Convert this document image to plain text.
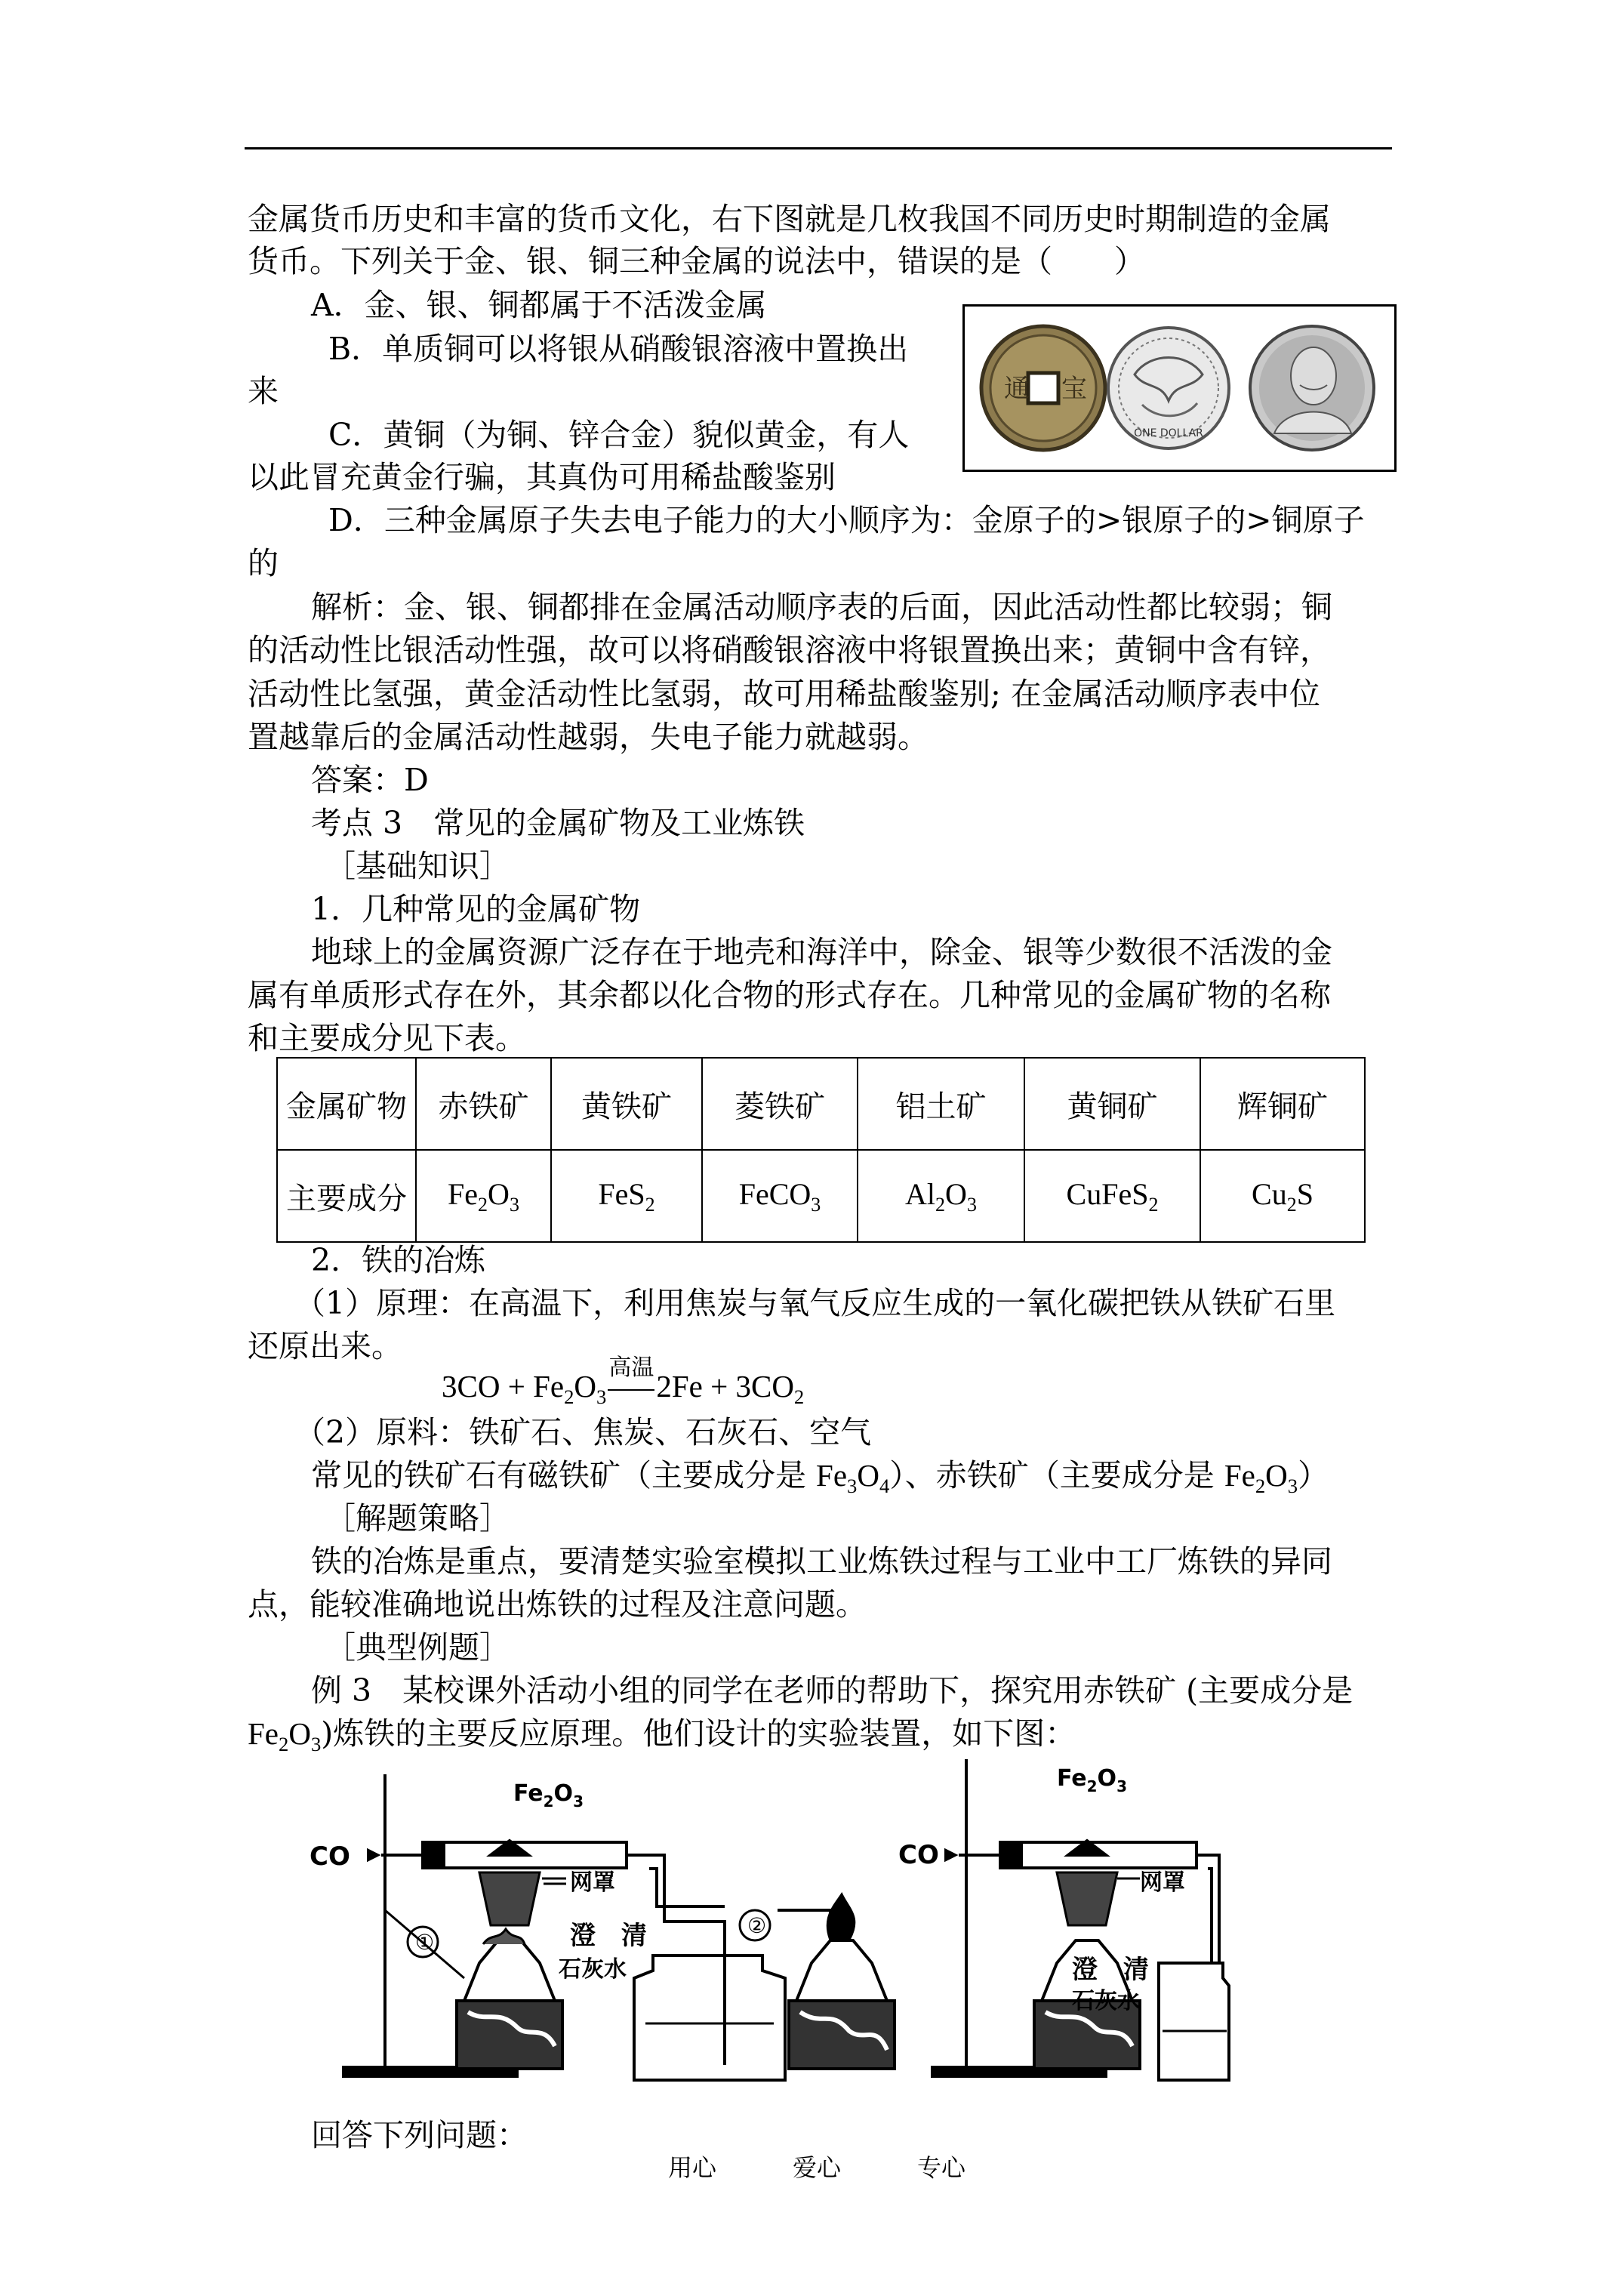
金属货币历史和丰富的货币文化，右下图就是几枚我国不同历史时期制造的金属
货币。下列关于金、银、铜三种金属的说法中，错误的是（　　）
A．金、银、铜都属于不活泼金属
B．单质铜可以将银从硝酸银溶液中置换出
来
C．黄铜（为铜、锌合金）貌似黄金，有人
以此冒充黄金行骗，其真伪可用稀盐酸鉴别
D．三种金属原子失去电子能力的大小顺序为：金原子的>银原子的>铜原子
的
通 宝
ONE DOLLAR
解析：金、银、铜都排在金属活动顺序表的后面，因此活动性都比较弱；铜
的活动性比银活动性强，故可以将硝酸银溶液中将银置换出来；黄铜中含有锌，
活动性比氢强，黄金活动性比氢弱，故可用稀盐酸鉴别; 在金属活动顺序表中位
置越靠后的金属活动性越弱，失电子能力就越弱。
答案：D
考点 3　常见的金属矿物及工业炼铁
［基础知识］
1．几种常见的金属矿物
地球上的金属资源广泛存在于地壳和海洋中，除金、银等少数很不活泼的金
属有单质形式存在外，其余都以化合物的形式存在。几种常见的金属矿物的名称
和主要成分见下表。
金属矿物	赤铁矿	黄铁矿	菱铁矿	铝土矿	黄铜矿	辉铜矿
主要成分	$Fe_2O_3$	FeS$_2$	FeCO$_3$	$Al_2O_3$	CuFeS$_2$	$Cu_2S$
2．铁的冶炼
（1）原理：在高温下，利用焦炭与氧气反应生成的一氧化碳把铁从铁矿石里
还原出来。
$3CO + Fe_2O_3$
高温
$2Fe + 3CO_2$
（2）原料：铁矿石、焦炭、石灰石、空气
常见的铁矿石有磁铁矿（主要成分是 $Fe_3O_4$）、赤铁矿（主要成分是 $Fe_2O_3$）
［解题策略］
铁的冶炼是重点，要清楚实验室模拟工业炼铁过程与工业中工厂炼铁的异同
点，能较准确地说出炼铁的过程及注意问题。
［典型例题］
例 3　某校课外活动小组的同学在老师的帮助下，探究用赤铁矿 (主要成分是
$Fe_2O_3$)炼铁的主要反应原理。他们设计的实验装置，如下图：
①
②
CO
$Fe_2O_3$
网罩
澄　清
石灰水
CO
$Fe_2O_3$
网罩
澄　清
石灰水
回答下列问题：
用心	爱心	专心
